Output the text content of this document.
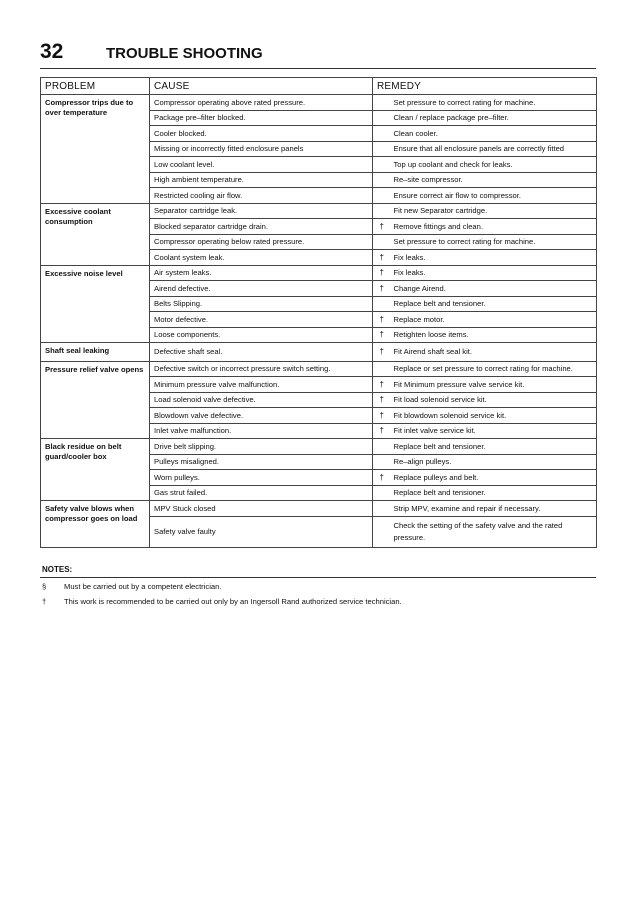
32	TROUBLE SHOOTING
PROBLEM	CAUSE	REMEDY	
Compressor trips due to over temperature	Compressor operating above rated pressure.		Set pressure to correct rating for machine.
	Package pre–filter blocked.		Clean / replace package pre–filter.
	Cooler blocked.		Clean cooler.
	Missing or incorrectly fitted enclosure panels		Ensure that all enclosure panels are correctly fitted
	Low coolant level.		Top up coolant and check for leaks.
	High ambient temperature.		Re–site compressor.
	Restricted cooling air flow.		Ensure correct air flow to compressor.
Excessive coolant consumption	Separator cartridge leak.		Fit new Separator cartridge.
	Blocked separator cartridge drain.	†	Remove fittings and clean.
	Compressor operating below rated pressure.		Set pressure to correct rating for machine.
	Coolant system leak.	†	Fix leaks.
Excessive noise level	Air system leaks.	†	Fix leaks.
	Airend defective.	†	Change Airend.
	Belts Slipping.		Replace belt and tensioner.
	Motor defective.	†	Replace motor.
	Loose components.	†	Retighten loose items.
Shaft seal leaking	Defective shaft seal.	†	Fit Airend shaft seal kit.
Pressure relief valve opens	Defective switch or incorrect pressure switch setting.		Replace or set pressure to correct rating for machine.
	Minimum pressure valve malfunction.	†	Fit Minimum pressure valve service kit.
	Load solenoid valve defective.	†	Fit load solenoid service kit.
	Blowdown valve defective.	†	Fit blowdown solenoid service kit.
	Inlet valve malfunction.	†	Fit inlet valve service kit.
Black residue on belt guard/cooler box	Drive belt slipping.		Replace belt and tensioner.
	Pulleys misaligned.		Re–align pulleys.
	Worn pulleys.	†	Replace pulleys and belt.
	Gas strut failed.		Replace belt and tensioner.
Safety valve blows when compressor goes on load	MPV Stuck closed		Strip MPV, examine and repair if necessary.
	Safety valve faulty		Check the setting of the safety valve and the rated pressure.
NOTES:
§ Must be carried out by a competent electrician.
† This work is recommended to be carried out only by an Ingersoll Rand authorized service technician.
